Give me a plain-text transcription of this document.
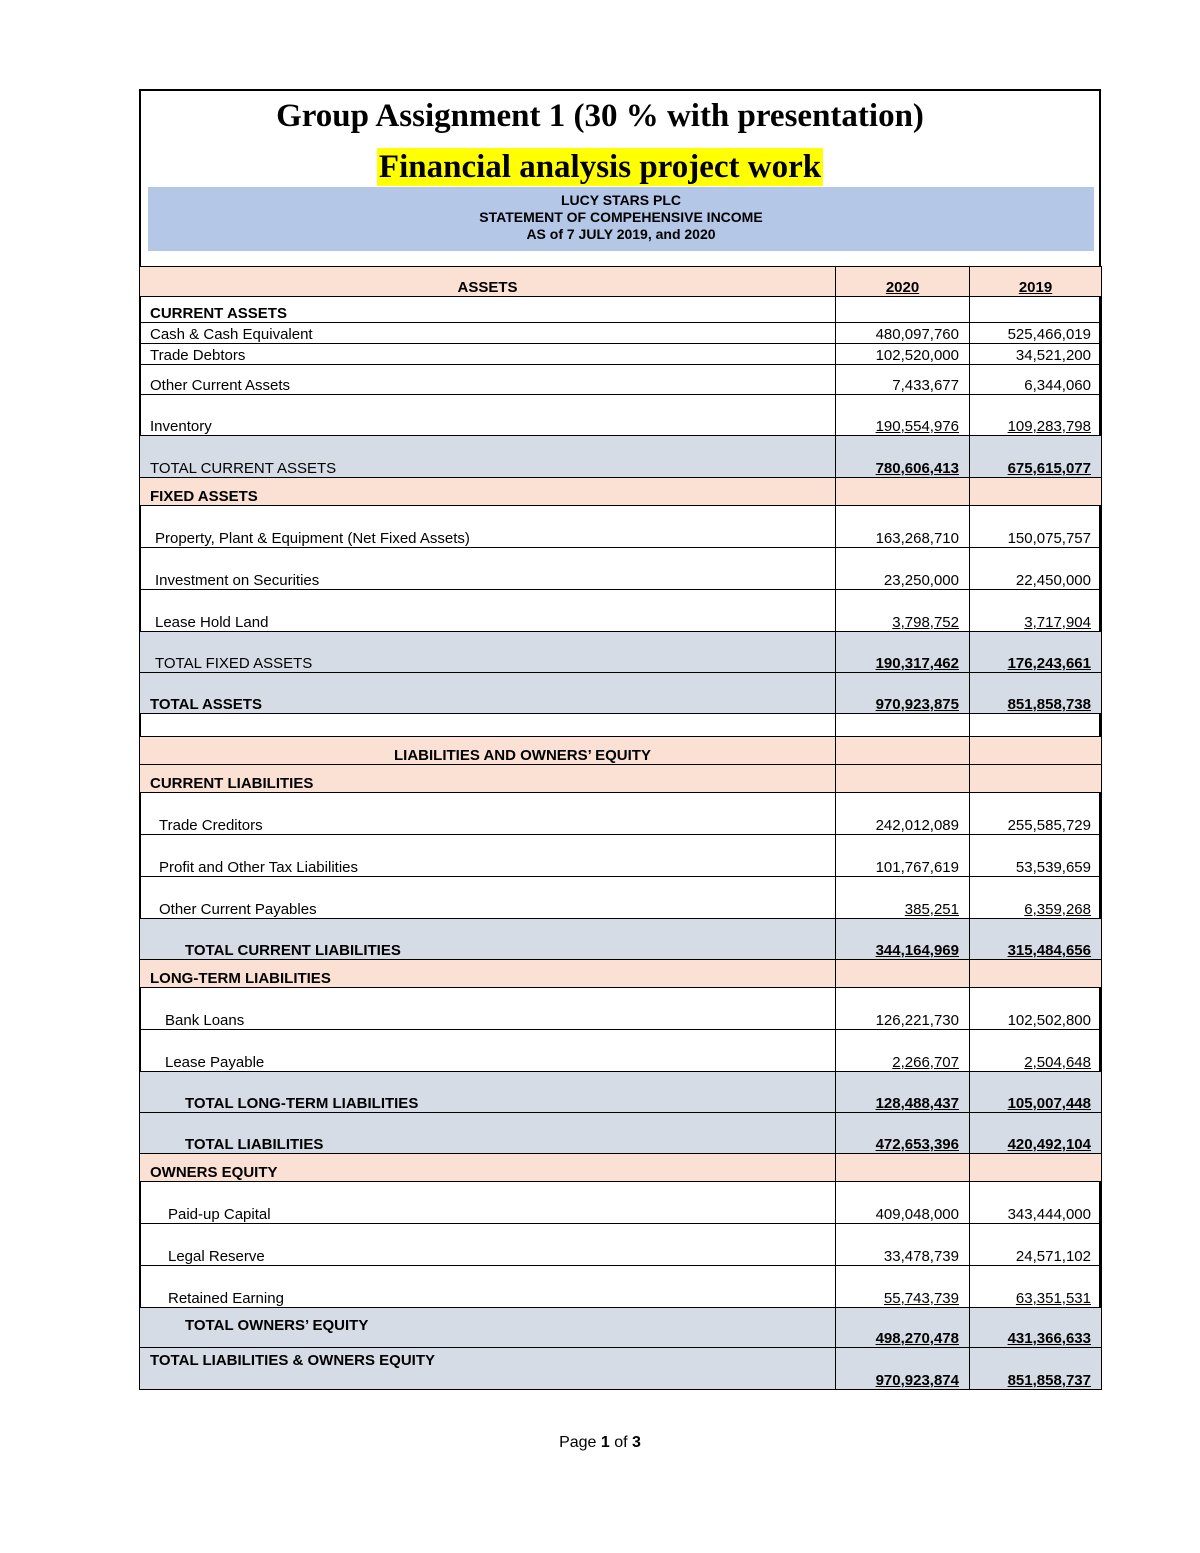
Group Assignment 1 (30 % with presentation)
Financial analysis project work
LUCY STARS PLC
STATEMENT OF COMPEHENSIVE INCOME
AS of 7 JULY 2019, and 2020
ASSETS	2020	2019
CURRENT ASSETS		
Cash & Cash Equivalent	480,097,760	525,466,019
Trade Debtors	102,520,000	34,521,200
Other Current Assets	7,433,677	6,344,060
Inventory	190,554,976	109,283,798
TOTAL CURRENT ASSETS	780,606,413	675,615,077
FIXED ASSETS		
Property, Plant & Equipment (Net Fixed Assets)	163,268,710	150,075,757
Investment on Securities	23,250,000	22,450,000
Lease Hold Land	3,798,752	3,717,904
TOTAL FIXED ASSETS	190,317,462	176,243,661
TOTAL ASSETS	970,923,875	851,858,738

LIABILITIES AND OWNERS’ EQUITY		
CURRENT LIABILITIES		
Trade Creditors	242,012,089	255,585,729
Profit and Other Tax Liabilities	101,767,619	53,539,659
Other Current Payables	385,251	6,359,268
TOTAL CURRENT LIABILITIES	344,164,969	315,484,656
LONG-TERM LIABILITIES		
Bank Loans	126,221,730	102,502,800
Lease Payable	2,266,707	2,504,648
TOTAL LONG-TERM LIABILITIES	128,488,437	105,007,448
TOTAL LIABILITIES	472,653,396	420,492,104
OWNERS EQUITY		
Paid-up Capital	409,048,000	343,444,000
Legal Reserve	33,478,739	24,571,102
Retained Earning	55,743,739	63,351,531
TOTAL OWNERS’ EQUITY	498,270,478	431,366,633
TOTAL LIABILITIES & OWNERS EQUITY	970,923,874	851,858,737
Page 1 of 3
